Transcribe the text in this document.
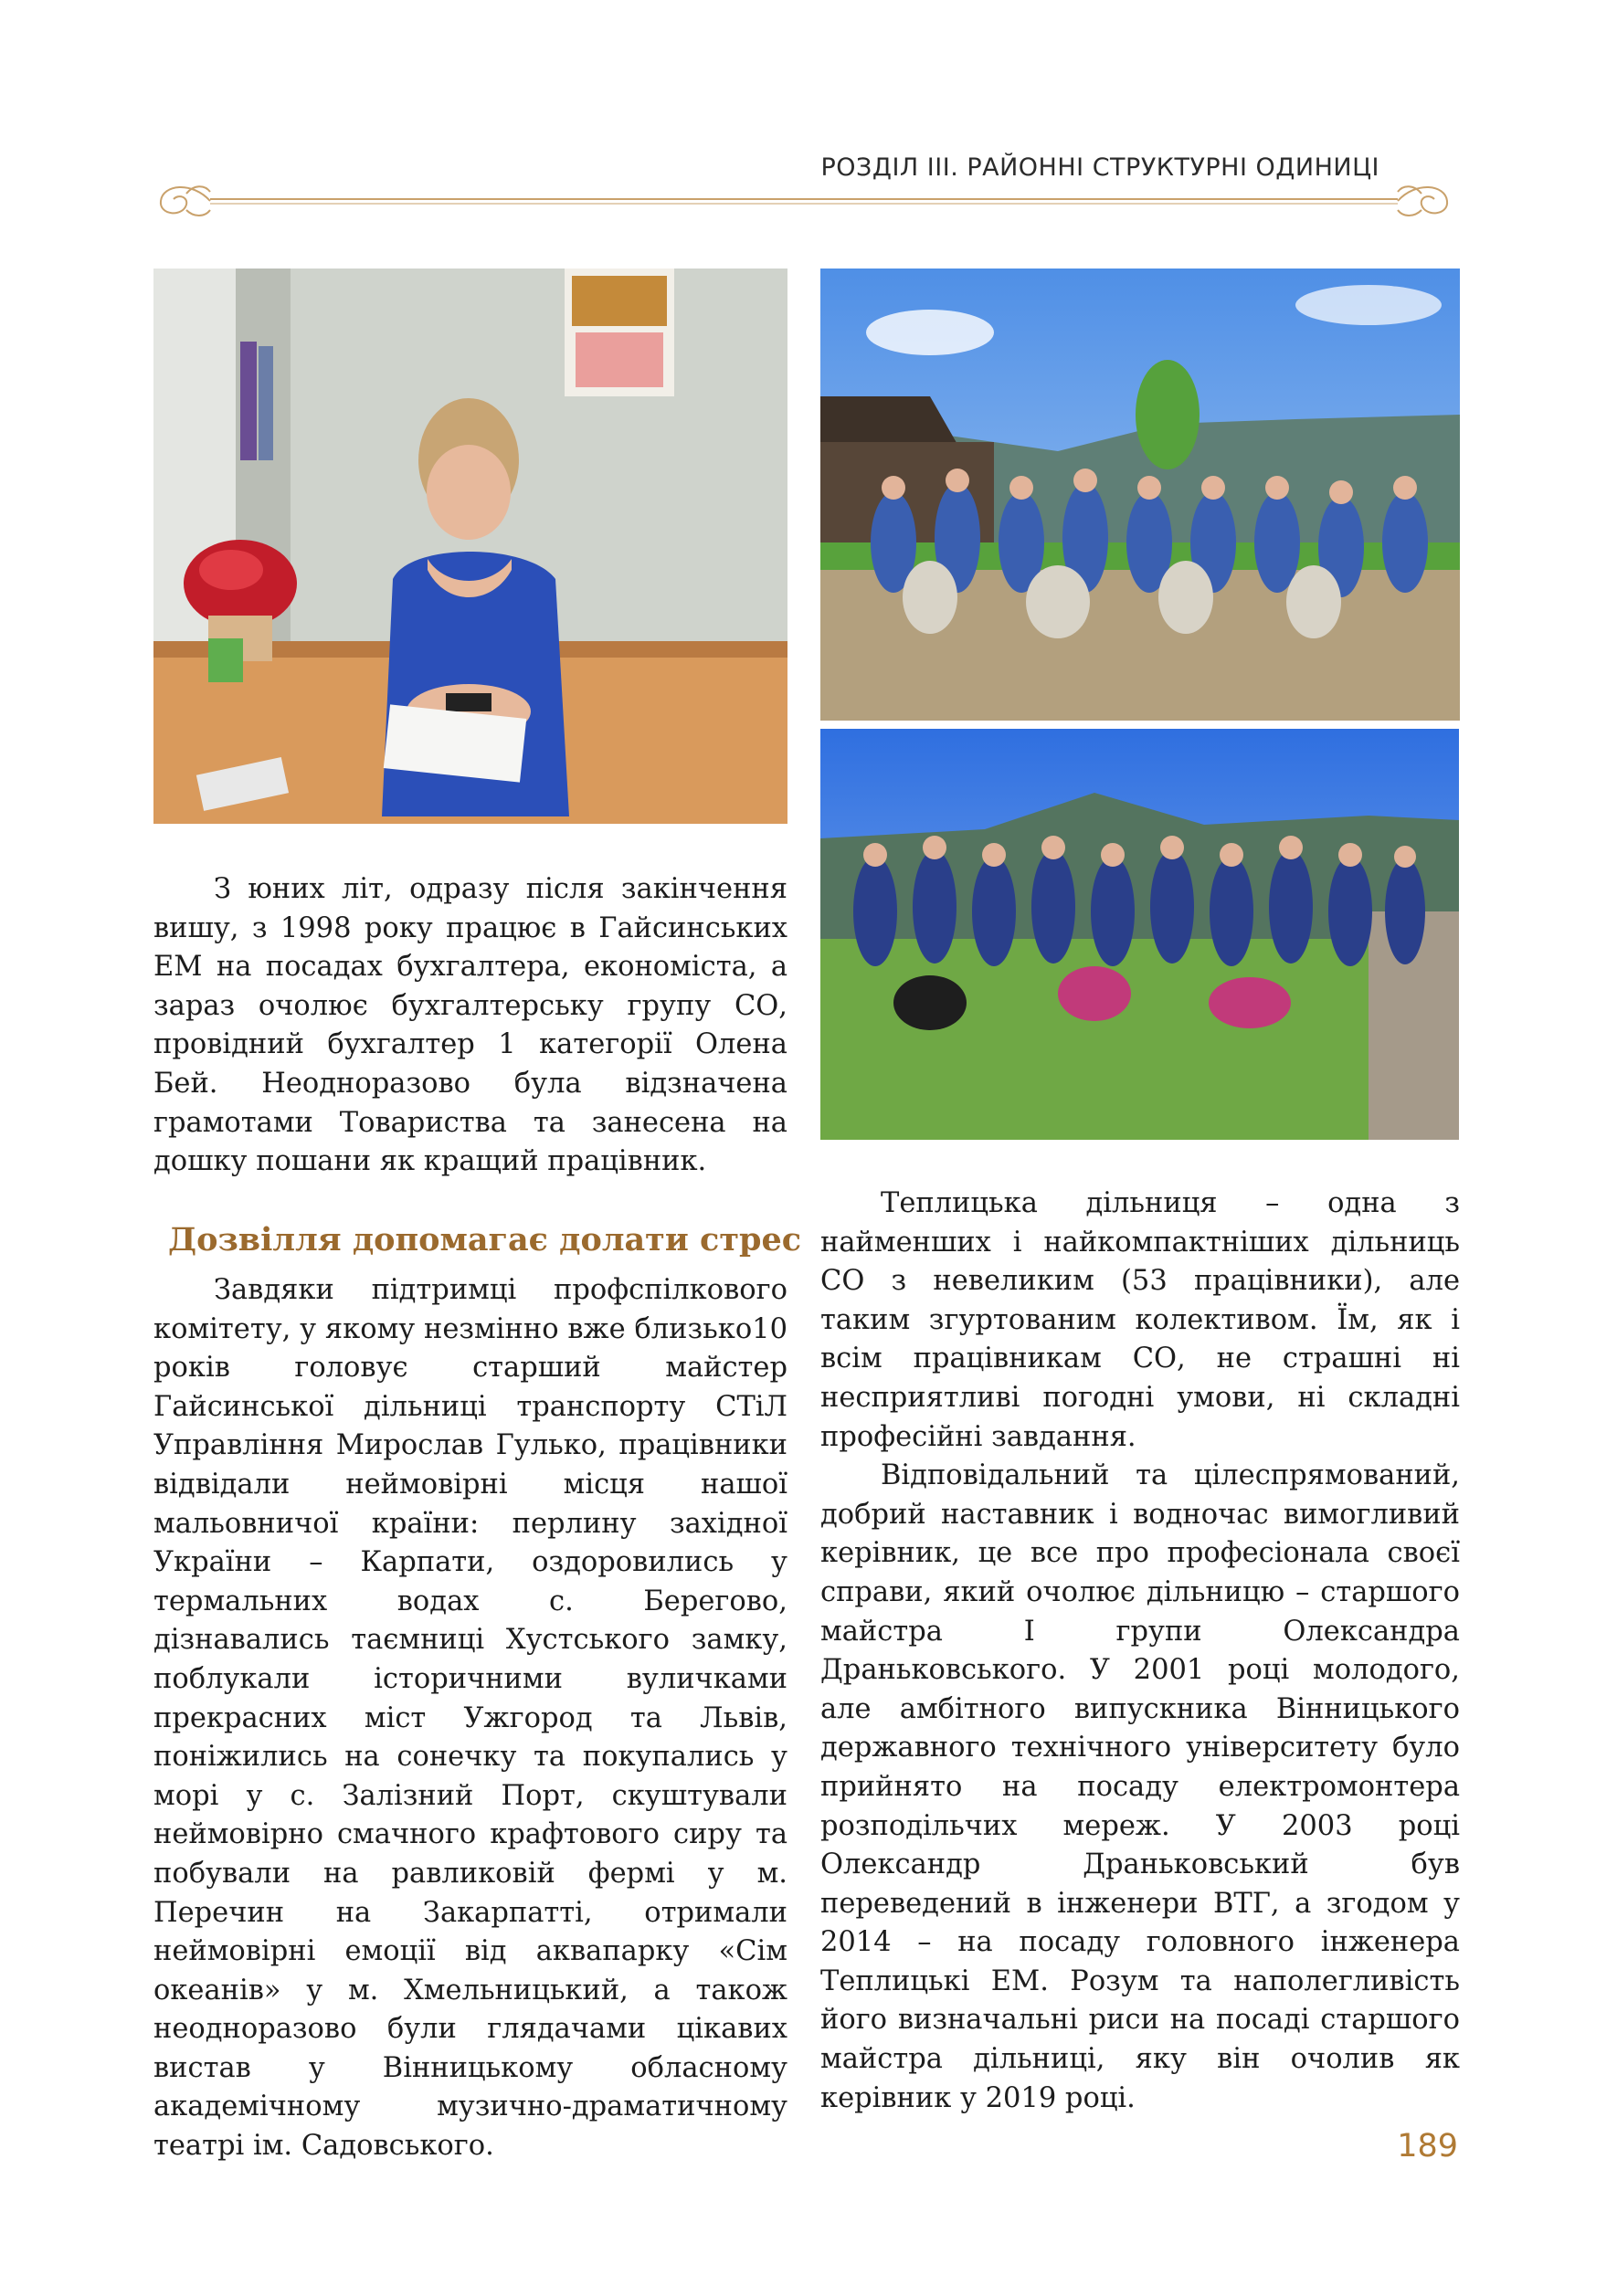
РОЗДІЛ ІІІ. РАЙОННІ СТРУКТУРНІ ОДИНИЦІ

З юних літ, одразу після закінчення вишу, з 1998 року працює в Гайсинських ЕМ на посадах бухгалтера, економіста, а зараз очолює бухгалтерську групу СО, провідний бухгалтер 1 категорії Олена Бей. Неодноразово була відзначена грамотами Товариства та занесена на дошку пошани як кращий працівник.

Дозвілля допомагає долати стрес

Завдяки підтримці профспілкового комітету, у якому незмінно вже близько10 років головує старший майстер Гайсинської дільниці транспорту СТіЛ Управління Мирослав Гулько, працівники відвідали неймовірні місця нашої мальовничої країни: перлину західної України – Карпати, оздоровились у термальних водах с. Берегово, дізнавались таємниці Хустського замку, поблукали історичними вуличками прекрасних міст Ужгород та Львів, поніжились на сонечку та покупались у морі у с. Залізний Порт, скуштували неймовірно смачного крафтового сиру та побували на равликовій фермі у м. Перечин на Закарпатті, отримали неймовірні емоції від аквапарку «Сім океанів» у м. Хмельницький, а також неодноразово були глядачами цікавих вистав у Вінницькому обласному академічному музично-драматичному театрі ім. Садовського.

Теплицька дільниця – одна з найменших і найкомпактніших дільниць СО з невеликим (53 працівники), але таким згуртованим колективом. Їм, як і всім працівникам СО, не страшні ні несприятливі погодні умови, ні складні професійні завдання.

Відповідальний та цілеспрямований, добрий наставник і водночас вимогливий керівник, це все про професіонала своєї справи, який очолює дільницю – старшого майстра І групи Олександра Драньковського. У 2001 році молодого, але амбітного випускника Вінницького державного технічного університету було прийнято на посаду електромонтера розподільчих мереж. У 2003 році Олександр Драньковський був переведений в інженери ВТГ, а згодом у 2014 – на посаду головного інженера Теплицькі ЕМ. Розум та наполегливість його визначальні риси на посаді старшого майстра дільниці, яку він очолив як керівник у 2019 році.

189
